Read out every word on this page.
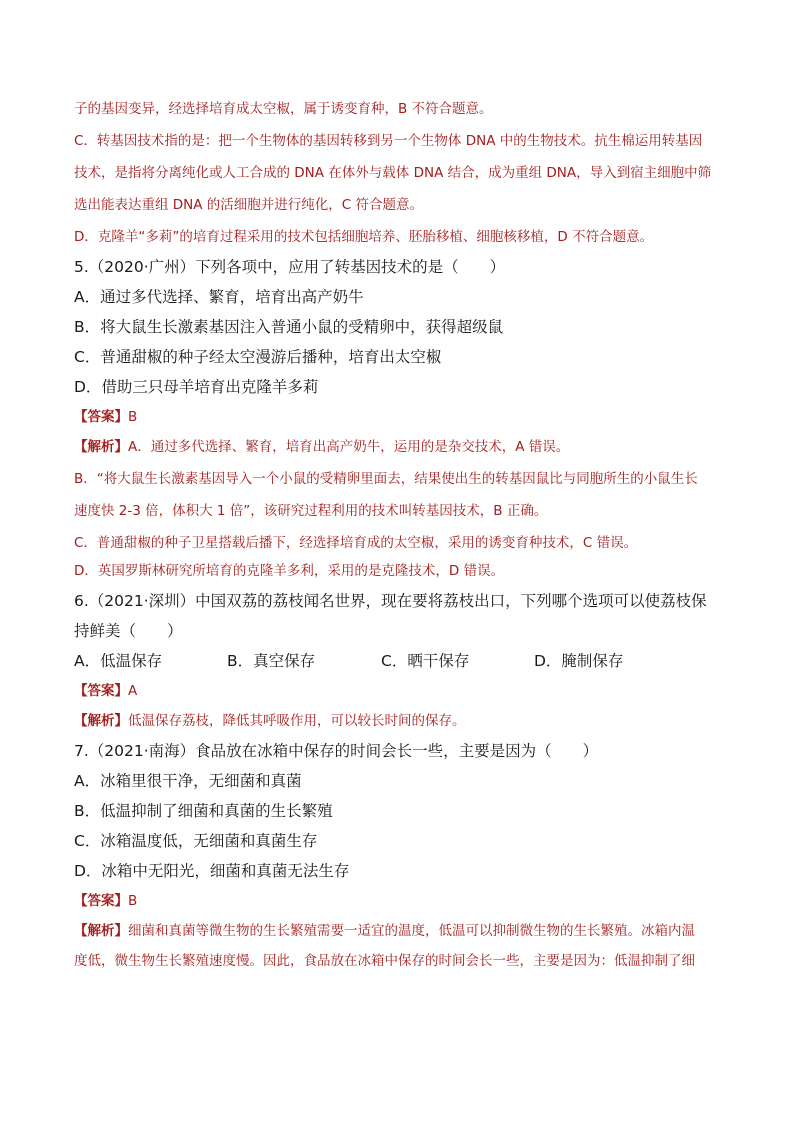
子的基因变异，经选择培育成太空椒，属于诱变育种，B 不符合题意。
C．转基因技术指的是：把一个生物体的基因转移到另一个生物体 DNA 中的生物技术。抗生棉运用转基因
技术，是指将分离纯化或人工合成的 DNA 在体外与载体 DNA 结合，成为重组 DNA，导入到宿主细胞中筛
选出能表达重组 DNA 的活细胞并进行纯化，C 符合题意。
D．克隆羊“多莉”的培育过程采用的技术包括细胞培养、胚胎移植、细胞核移植，D 不符合题意。
5.（2020·广州）下列各项中，应用了转基因技术的是（　　）
A．通过多代选择、繁育，培育出高产奶牛
B．将大鼠生长激素基因注入普通小鼠的受精卵中，获得超级鼠
C．普通甜椒的种子经太空漫游后播种，培育出太空椒
D．借助三只母羊培育出克隆羊多莉
【答案】B
【解析】A．通过多代选择、繁育，培育出高产奶牛，运用的是杂交技术，A 错误。
B．“将大鼠生长激素基因导入一个小鼠的受精卵里面去，结果使出生的转基因鼠比与同胞所生的小鼠生长
速度快 2-3 倍，体积大 1 倍”，该研究过程利用的技术叫转基因技术，B 正确。
C．普通甜椒的种子卫星搭载后播下，经选择培育成的太空椒，采用的诱变育种技术，C 错误。
D．英国罗斯林研究所培育的克隆羊多利，采用的是克隆技术，D 错误。
6.（2021·深圳）中国双荔的荔枝闻名世界，现在要将荔枝出口，下列哪个选项可以使荔枝保
持鲜美（　　）
A．低温保存	B．真空保存	C．晒干保存	D．腌制保存
【答案】A
【解析】低温保存荔枝，降低其呼吸作用，可以较长时间的保存。
7.（2021·南海）食品放在冰箱中保存的时间会长一些，主要是因为（　　）
A．冰箱里很干净，无细菌和真菌
B．低温抑制了细菌和真菌的生长繁殖
C．冰箱温度低，无细菌和真菌生存
D．冰箱中无阳光，细菌和真菌无法生存
【答案】B
【解析】细菌和真菌等微生物的生长繁殖需要一适宜的温度，低温可以抑制微生物的生长繁殖。冰箱内温
度低，微生物生长繁殖速度慢。因此，食品放在冰箱中保存的时间会长一些，主要是因为：低温抑制了细
